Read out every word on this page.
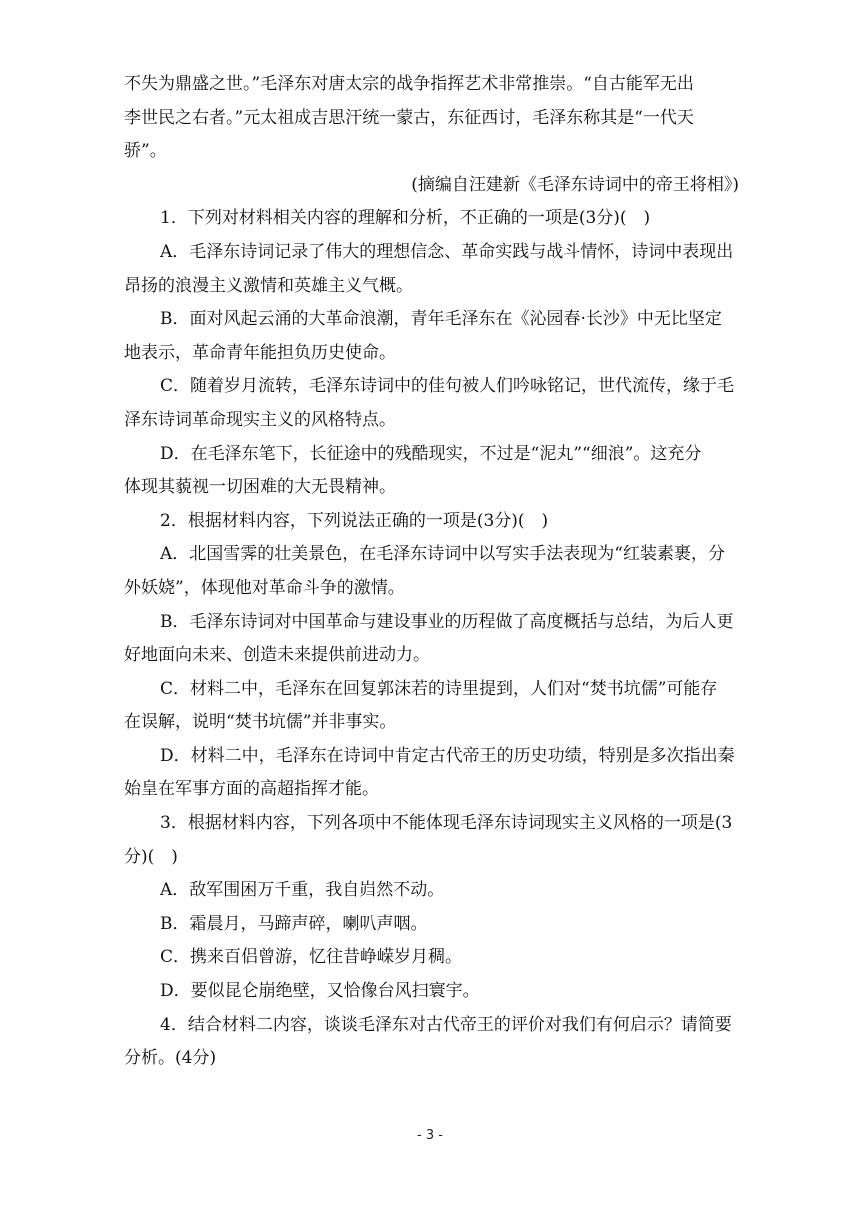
不失为鼎盛之世。”毛泽东对唐太宗的战争指挥艺术非常推崇。“自古能军无出
李世民之右者。”元太祖成吉思汗统一蒙古，东征西讨，毛泽东称其是“一代天
骄”。
(摘编自汪建新《毛泽东诗词中的帝王将相》)
1．下列对材料相关内容的理解和分析，不正确的一项是(3分)(　)
A．毛泽东诗词记录了伟大的理想信念、革命实践与战斗情怀，诗词中表现出
昂扬的浪漫主义激情和英雄主义气概。
B．面对风起云涌的大革命浪潮，青年毛泽东在《沁园春·长沙》中无比坚定
地表示，革命青年能担负历史使命。
C．随着岁月流转，毛泽东诗词中的佳句被人们吟咏铭记，世代流传，缘于毛
泽东诗词革命现实主义的风格特点。
D．在毛泽东笔下，长征途中的残酷现实，不过是“泥丸”“细浪”。这充分
体现其藐视一切困难的大无畏精神。
2．根据材料内容，下列说法正确的一项是(3分)(　)
A．北国雪霁的壮美景色，在毛泽东诗词中以写实手法表现为“红装素裹，分
外妖娆”，体现他对革命斗争的激情。
B．毛泽东诗词对中国革命与建设事业的历程做了高度概括与总结，为后人更
好地面向未来、创造未来提供前进动力。
C．材料二中，毛泽东在回复郭沫若的诗里提到，人们对“焚书坑儒”可能存
在误解，说明“焚书坑儒”并非事实。
D．材料二中，毛泽东在诗词中肯定古代帝王的历史功绩，特别是多次指出秦
始皇在军事方面的高超指挥才能。
3．根据材料内容，下列各项中不能体现毛泽东诗词现实主义风格的一项是(3
分)(　)
A．敌军围困万千重，我自岿然不动。
B．霜晨月，马蹄声碎，喇叭声咽。
C．携来百侣曾游，忆往昔峥嵘岁月稠。
D．要似昆仑崩绝壁，又恰像台风扫寰宇。
4．结合材料二内容，谈谈毛泽东对古代帝王的评价对我们有何启示？请简要
分析。(4分)
- 3 -
